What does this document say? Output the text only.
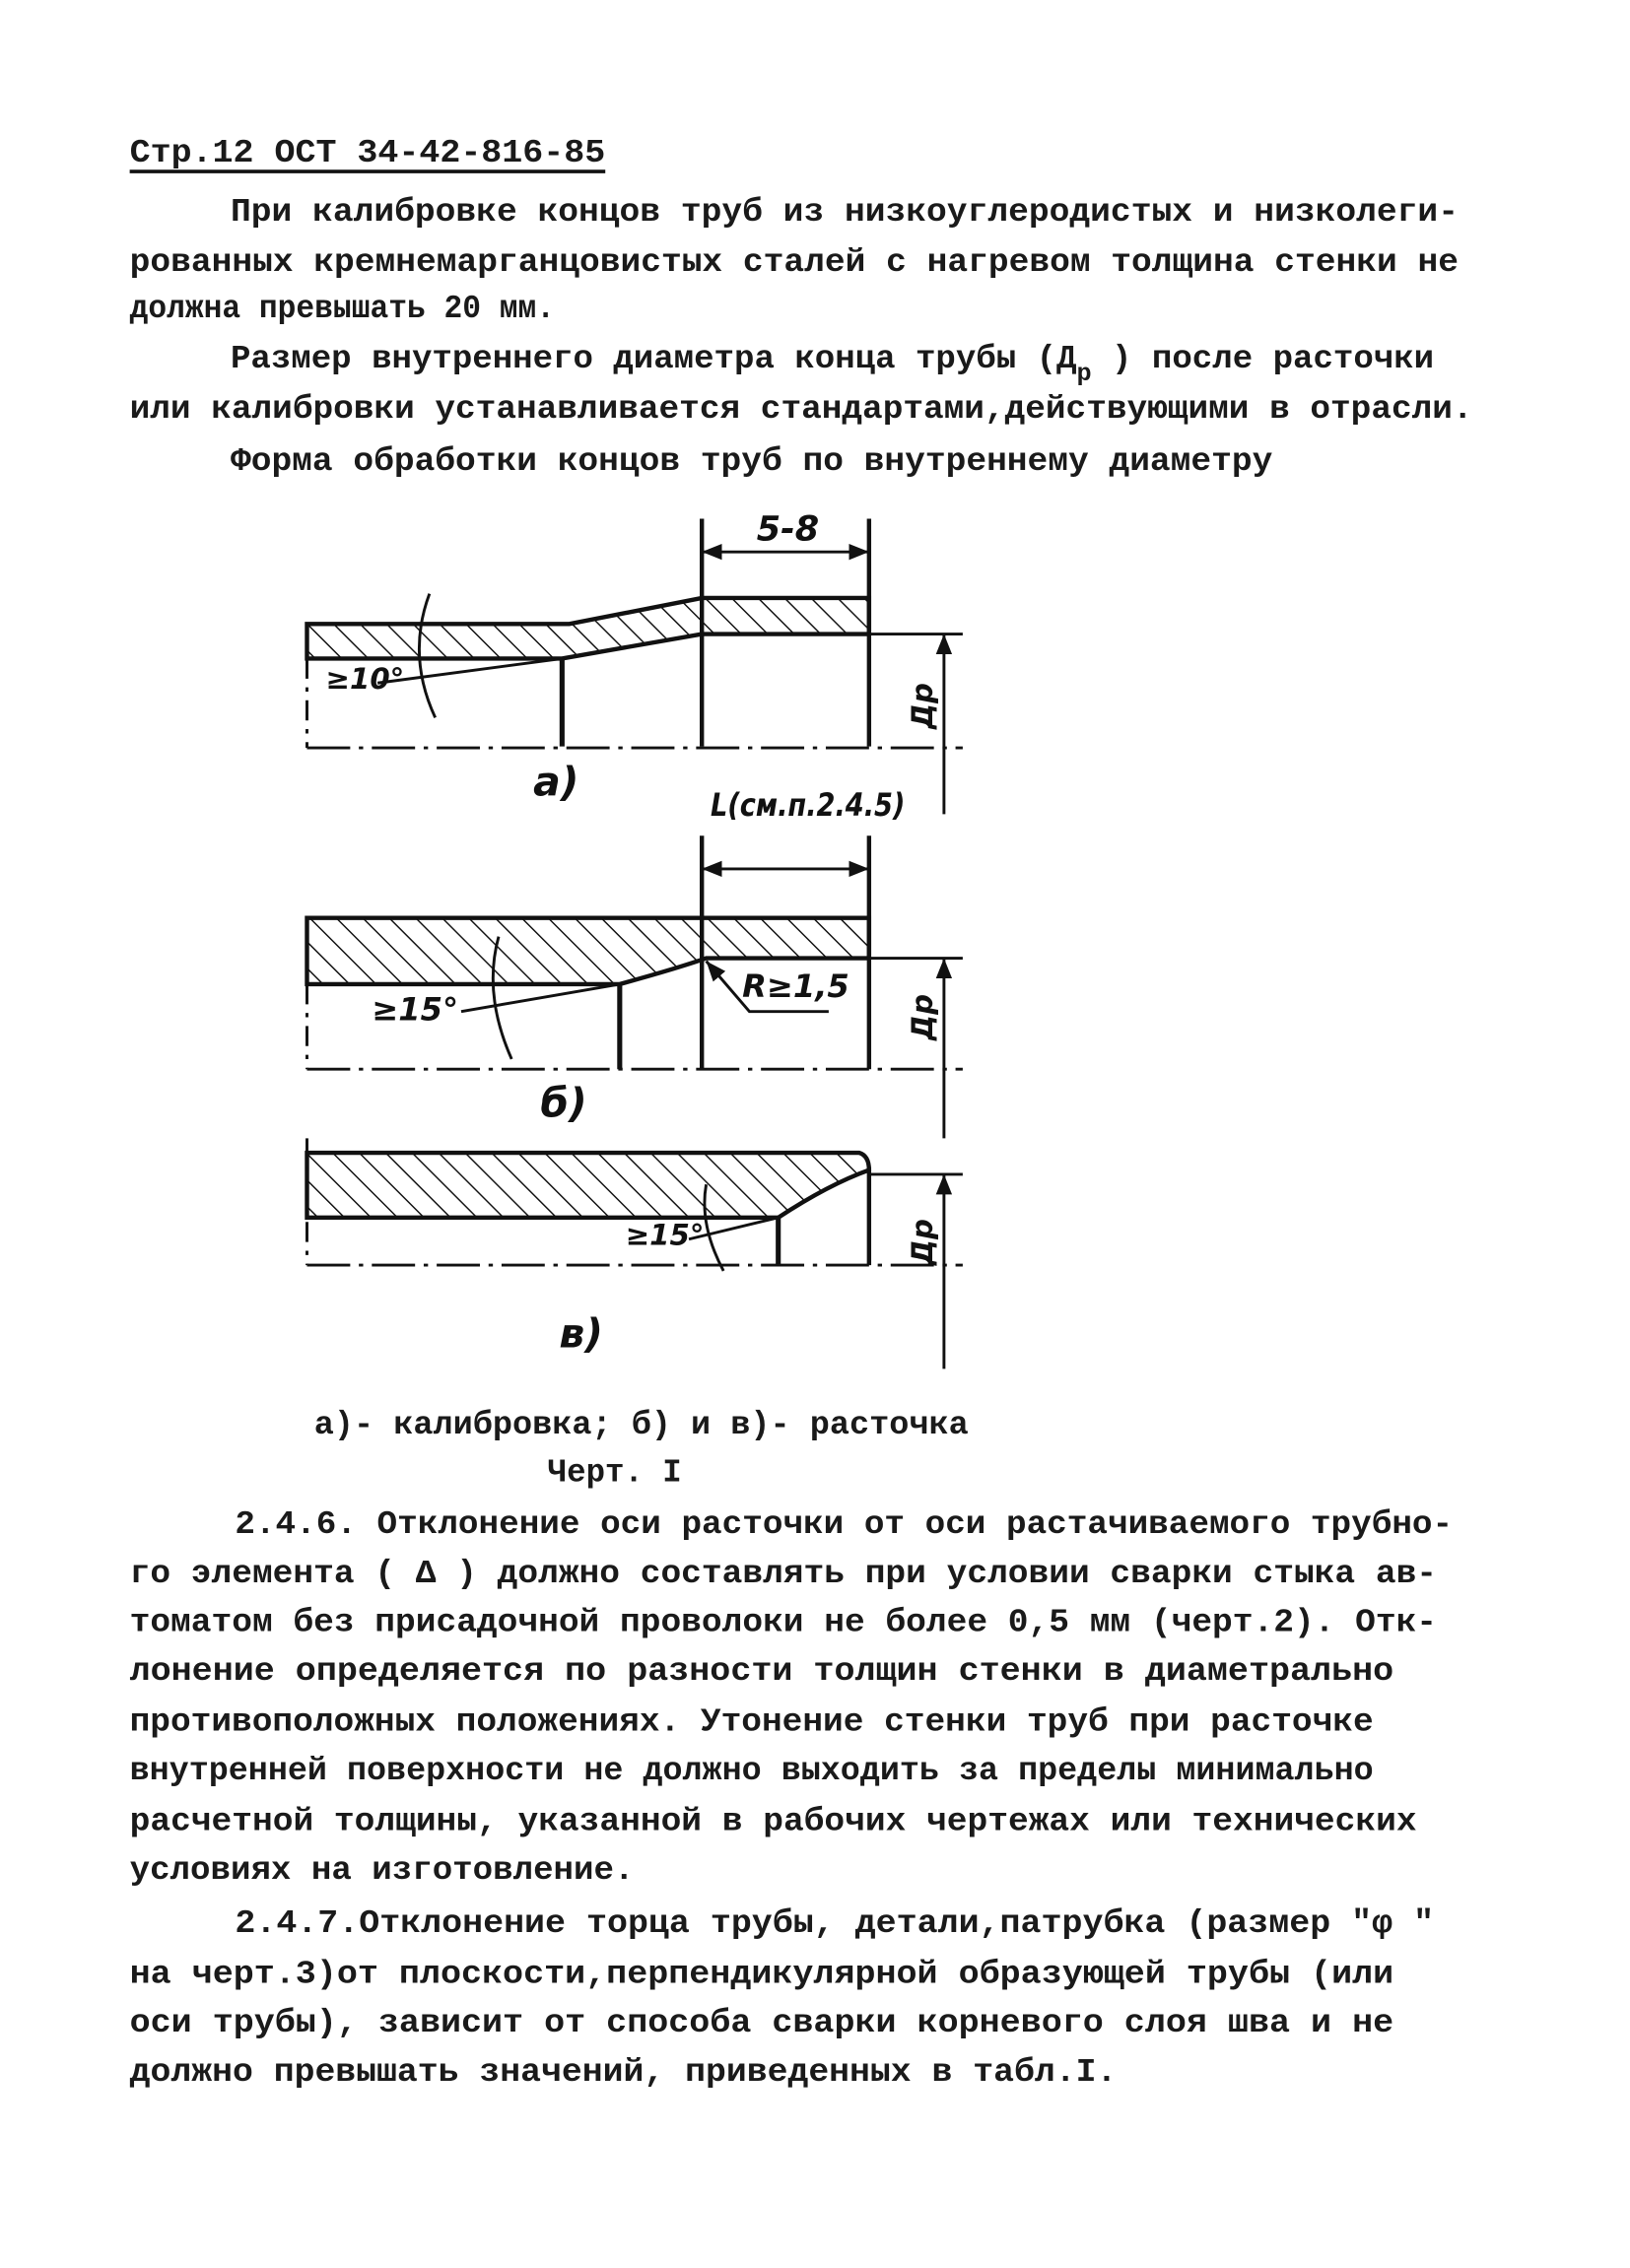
Стр.12 ОСТ 34-42-816-85
При калибровке концов труб из низкоуглеродистых и низколеги-
рованных кремнемарганцовистых сталей с нагревом толщина стенки не
должна превышать 20 мм.
Размер внутреннего диаметра конца трубы (Д $_р$ ) после расточки
или калибровки устанавливается стандартами,действующими в отрасли.
Форма обработки концов труб по внутреннему диаметру
5-8
Др
≥10°
а)	L(см.п.2.4.5)
Др
R≥1,5
≥15°
б)
Др
≥15°
в)
а)- калибровка; б) и в)- расточка
Черт. I
2.4.6. Отклонение оси расточки от оси растачиваемого трубно-
го элемента ( Δ ) должно составлять при условии сварки стыка ав-
томатом без присадочной проволоки не более 0,5 мм (черт.2). Отк-
лонение определяется по разности толщин стенки в диаметрально
противоположных положениях. Утонение стенки труб при расточке
внутренней поверхности не должно выходить за пределы минимально
расчетной толщины, указанной в рабочих чертежах или технических
условиях на изготовление.
2.4.7.Отклонение торца трубы, детали,патрубка (размер "φ "
на черт.3)от плоскости,перпендикулярной образующей трубы (или
оси трубы), зависит от способа сварки корневого слоя шва и не
должно превышать значений, приведенных в табл.I.
